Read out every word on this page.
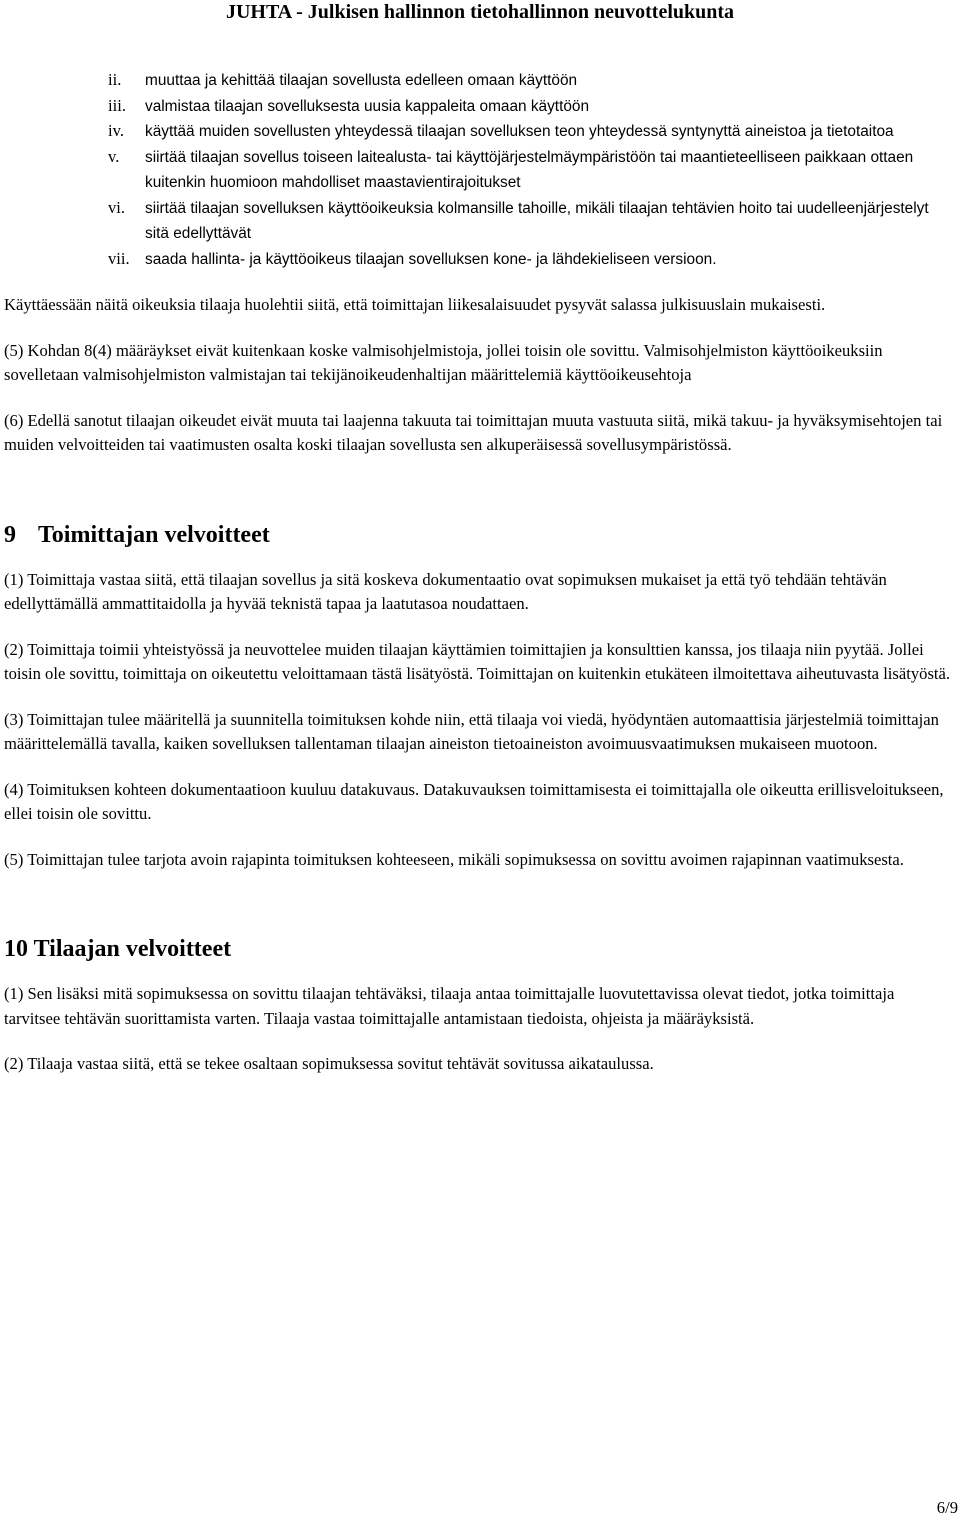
JUHTA - Julkisen hallinnon tietohallinnon neuvottelukunta
ii. muuttaa ja kehittää tilaajan sovellusta edelleen omaan käyttöön
iii. valmistaa tilaajan sovelluksesta uusia kappaleita omaan käyttöön
iv. käyttää muiden sovellusten yhteydessä tilaajan sovelluksen teon yhteydessä syntynyttä aineistoa ja tietotaitoa
v. siirtää tilaajan sovellus toiseen laitealusta- tai käyttöjärjestelmäympäristöön tai maantieteelliseen paikkaan ottaen kuitenkin huomioon mahdolliset maastavientirajoitukset
vi. siirtää tilaajan sovelluksen käyttöoikeuksia kolmansille tahoille, mikäli tilaajan tehtävien hoito tai uudelleenjärjestelyt sitä edellyttävät
vii. saada hallinta- ja käyttöoikeus tilaajan sovelluksen kone- ja lähdekieliseen versioon.

Käyttäessään näitä oikeuksia tilaaja huolehtii siitä, että toimittajan liikesalaisuudet pysyvät salassa julkisuuslain mukaisesti.

(5) Kohdan 8(4) määräykset eivät kuitenkaan koske valmisohjelmistoja, jollei toisin ole sovittu. Valmisohjelmiston käyttöoikeuksiin sovelletaan valmisohjelmiston valmistajan tai tekijänoikeudenhaltijan määrittelemiä käyttöoikeusehtoja

(6) Edellä sanotut tilaajan oikeudet eivät muuta tai laajenna takuuta tai toimittajan muuta vastuuta siitä, mikä takuu- ja hyväksymisehtojen tai muiden velvoitteiden tai vaatimusten osalta koski tilaajan sovellusta sen alkuperäisessä sovellusympäristössä.

9 Toimittajan velvoitteet

(1) Toimittaja vastaa siitä, että tilaajan sovellus ja sitä koskeva dokumentaatio ovat sopimuksen mukaiset ja että työ tehdään tehtävän edellyttämällä ammattitaidolla ja hyvää teknistä tapaa ja laatutasoa noudattaen.

(2) Toimittaja toimii yhteistyössä ja neuvottelee muiden tilaajan käyttämien toimittajien ja konsulttien kanssa, jos tilaaja niin pyytää. Jollei toisin ole sovittu, toimittaja on oikeutettu veloittamaan tästä lisätyöstä. Toimittajan on kuitenkin etukäteen ilmoitettava aiheutuvasta lisätyöstä.

(3) Toimittajan tulee määritellä ja suunnitella toimituksen kohde niin, että tilaaja voi viedä, hyödyntäen automaattisia järjestelmiä toimittajan määrittelemällä tavalla, kaiken sovelluksen tallentaman tilaajan aineiston tietoaineiston avoimuusvaatimuksen mukaiseen muotoon.

(4) Toimituksen kohteen dokumentaatioon kuuluu datakuvaus. Datakuvauksen toimittamisesta ei toimittajalla ole oikeutta erillisveloitukseen, ellei toisin ole sovittu.

(5) Toimittajan tulee tarjota avoin rajapinta toimituksen kohteeseen, mikäli sopimuksessa on sovittu avoimen rajapinnan vaatimuksesta.

10 Tilaajan velvoitteet

(1) Sen lisäksi mitä sopimuksessa on sovittu tilaajan tehtäväksi, tilaaja antaa toimittajalle luovutettavissa olevat tiedot, jotka toimittaja tarvitsee tehtävän suorittamista varten. Tilaaja vastaa toimittajalle antamistaan tiedoista, ohjeista ja määräyksistä.

(2) Tilaaja vastaa siitä, että se tekee osaltaan sopimuksessa sovitut tehtävät sovitussa aikataulussa.

6/9
